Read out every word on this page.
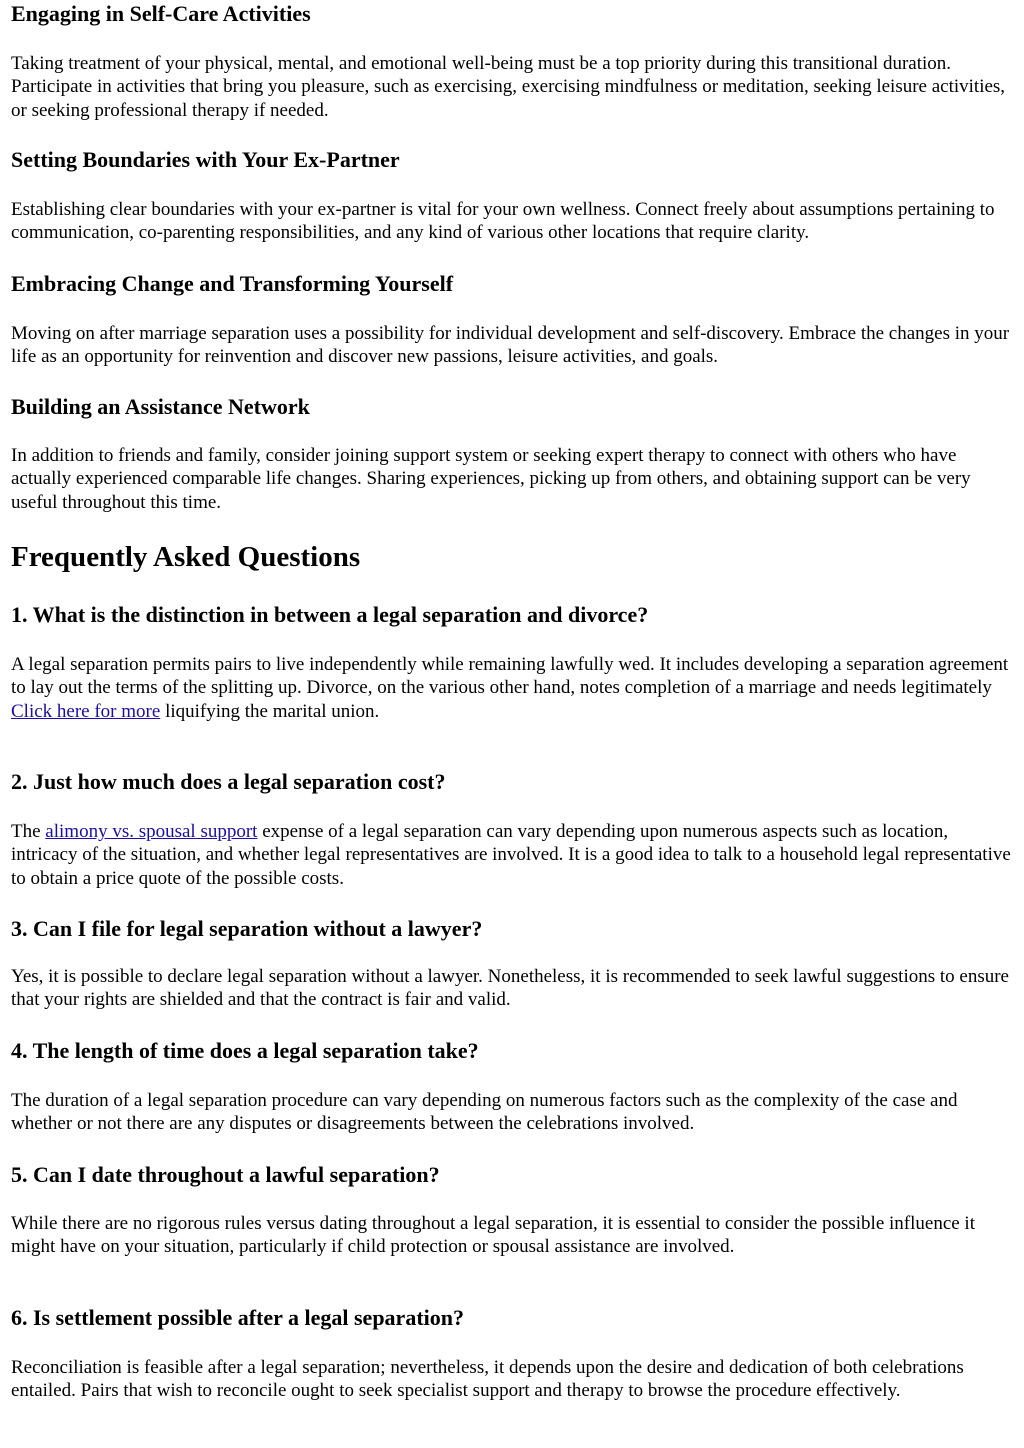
Engaging in Self-Care Activities

Taking treatment of your physical, mental, and emotional well-being must be a top priority during this transitional duration. Participate in activities that bring you pleasure, such as exercising, exercising mindfulness or meditation, seeking leisure activities, or seeking professional therapy if needed.

Setting Boundaries with Your Ex-Partner

Establishing clear boundaries with your ex-partner is vital for your own wellness. Connect freely about assumptions pertaining to communication, co-parenting responsibilities, and any kind of various other locations that require clarity.

Embracing Change and Transforming Yourself

Moving on after marriage separation uses a possibility for individual development and self-discovery. Embrace the changes in your life as an opportunity for reinvention and discover new passions, leisure activities, and goals.

Building an Assistance Network

In addition to friends and family, consider joining support system or seeking expert therapy to connect with others who have actually experienced comparable life changes. Sharing experiences, picking up from others, and obtaining support can be very useful throughout this time.

Frequently Asked Questions
1. What is the distinction in between a legal separation and divorce?

A legal separation permits pairs to live independently while remaining lawfully wed. It includes developing a separation agreement to lay out the terms of the splitting up. Divorce, on the various other hand, notes completion of a marriage and needs legitimately Click here for more liquifying the marital union.

2. Just how much does a legal separation cost?

The alimony vs. spousal support expense of a legal separation can vary depending upon numerous aspects such as location, intricacy of the situation, and whether legal representatives are involved. It is a good idea to talk to a household legal representative to obtain a price quote of the possible costs.

3. Can I file for legal separation without a lawyer?

Yes, it is possible to declare legal separation without a lawyer. Nonetheless, it is recommended to seek lawful suggestions to ensure that your rights are shielded and that the contract is fair and valid.

4. The length of time does a legal separation take?

The duration of a legal separation procedure can vary depending on numerous factors such as the complexity of the case and whether or not there are any disputes or disagreements between the celebrations involved.

5. Can I date throughout a lawful separation?

While there are no rigorous rules versus dating throughout a legal separation, it is essential to consider the possible influence it might have on your situation, particularly if child protection or spousal assistance are involved.

6. Is settlement possible after a legal separation?

Reconciliation is feasible after a legal separation; nevertheless, it depends upon the desire and dedication of both celebrations entailed. Pairs that wish to reconcile ought to seek specialist support and therapy to browse the procedure effectively.
